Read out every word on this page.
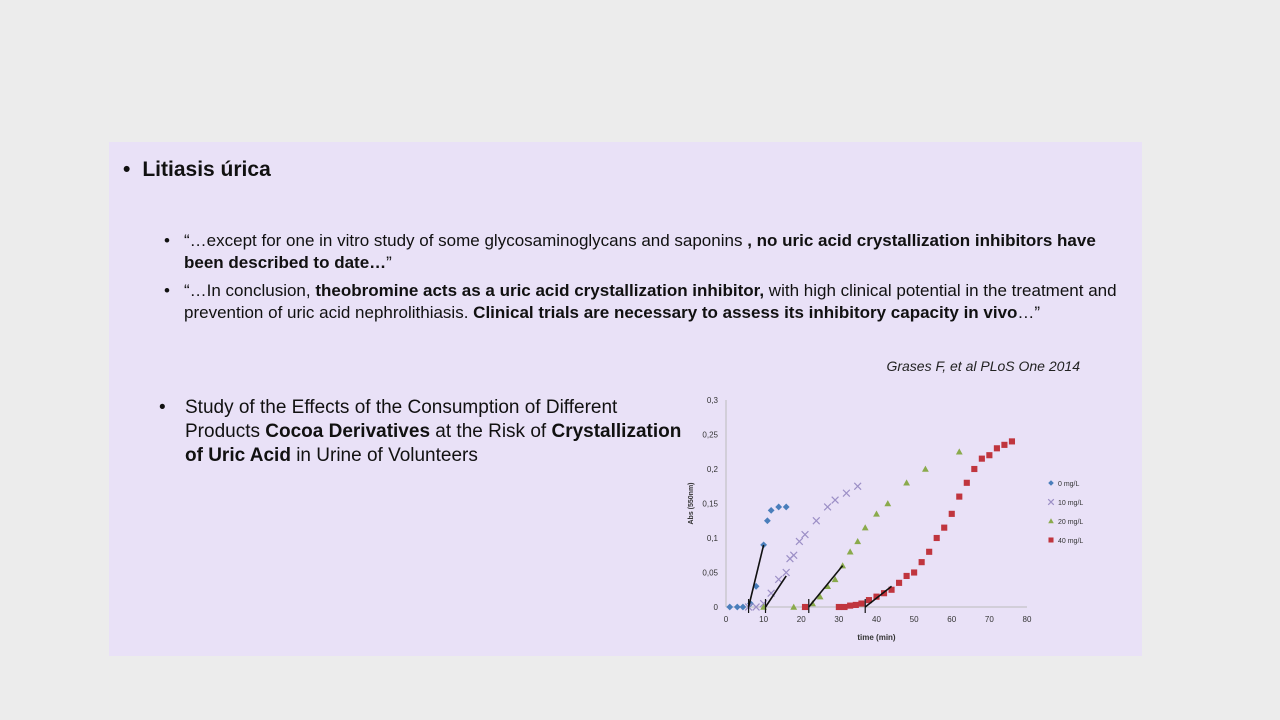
• Litiasis úrica
• “…except for one in vitro study of some glycosaminoglycans and saponins , no uric acid crystallization inhibitors have been described to date…”
• “…In conclusion, theobromine acts as a uric acid crystallization inhibitor, with high clinical potential in the treatment and prevention of uric acid nephrolithiasis. Clinical trials are necessary to assess its inhibitory capacity in vivo…”
Grases F, et al PLoS One 2014
• Study of the Effects of the Consumption of Different Products Cocoa Derivatives at the Risk of Crystallization of Uric Acid in Urine of Volunteers
0
0,05
0,1
0,15
0,2
0,25
0,3
0	10	20	30	40	50	60	70	80
time (min)
Abs (550nm)	0 mg/L
10 mg/L
20 mg/L
40 mg/L
